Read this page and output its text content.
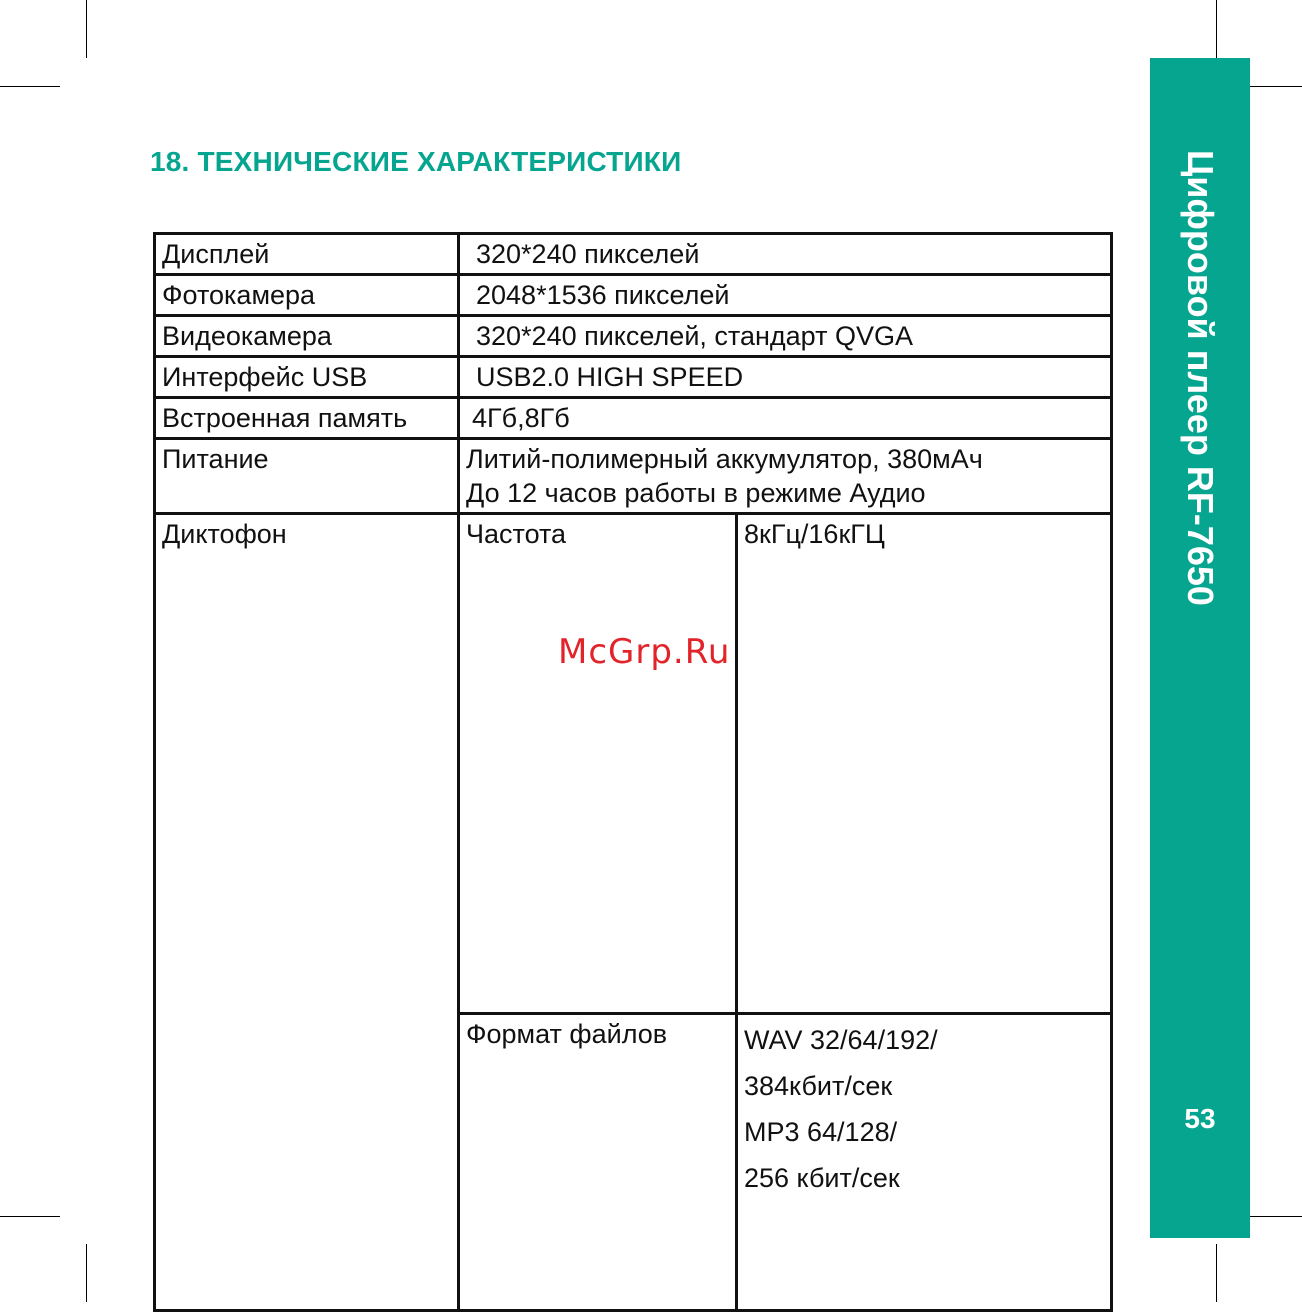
Цифровой плеер RF-7650
53
18. ТЕХНИЧЕСКИЕ ХАРАКТЕРИСТИКИ
Дисплей	320*240 пикселей	
Фотокамера	2048*1536 пикселей	
Видеокамера	320*240 пикселей, стандарт QVGA	
Интерфейс USB	USB2.0 HIGH SPEED	
Встроенная память	4Гб,8Гб	
Питание	Литий-полимерный аккумулятор, 380мАч
До 12 часов работы в режиме Аудио	

Диктофон	Частота	8кГц/16кГЦ
	Формат файлов	WAV 32/64/192/
384кбит/сек
MP3 64/128/
256 кбит/сек
McGrp.Ru
